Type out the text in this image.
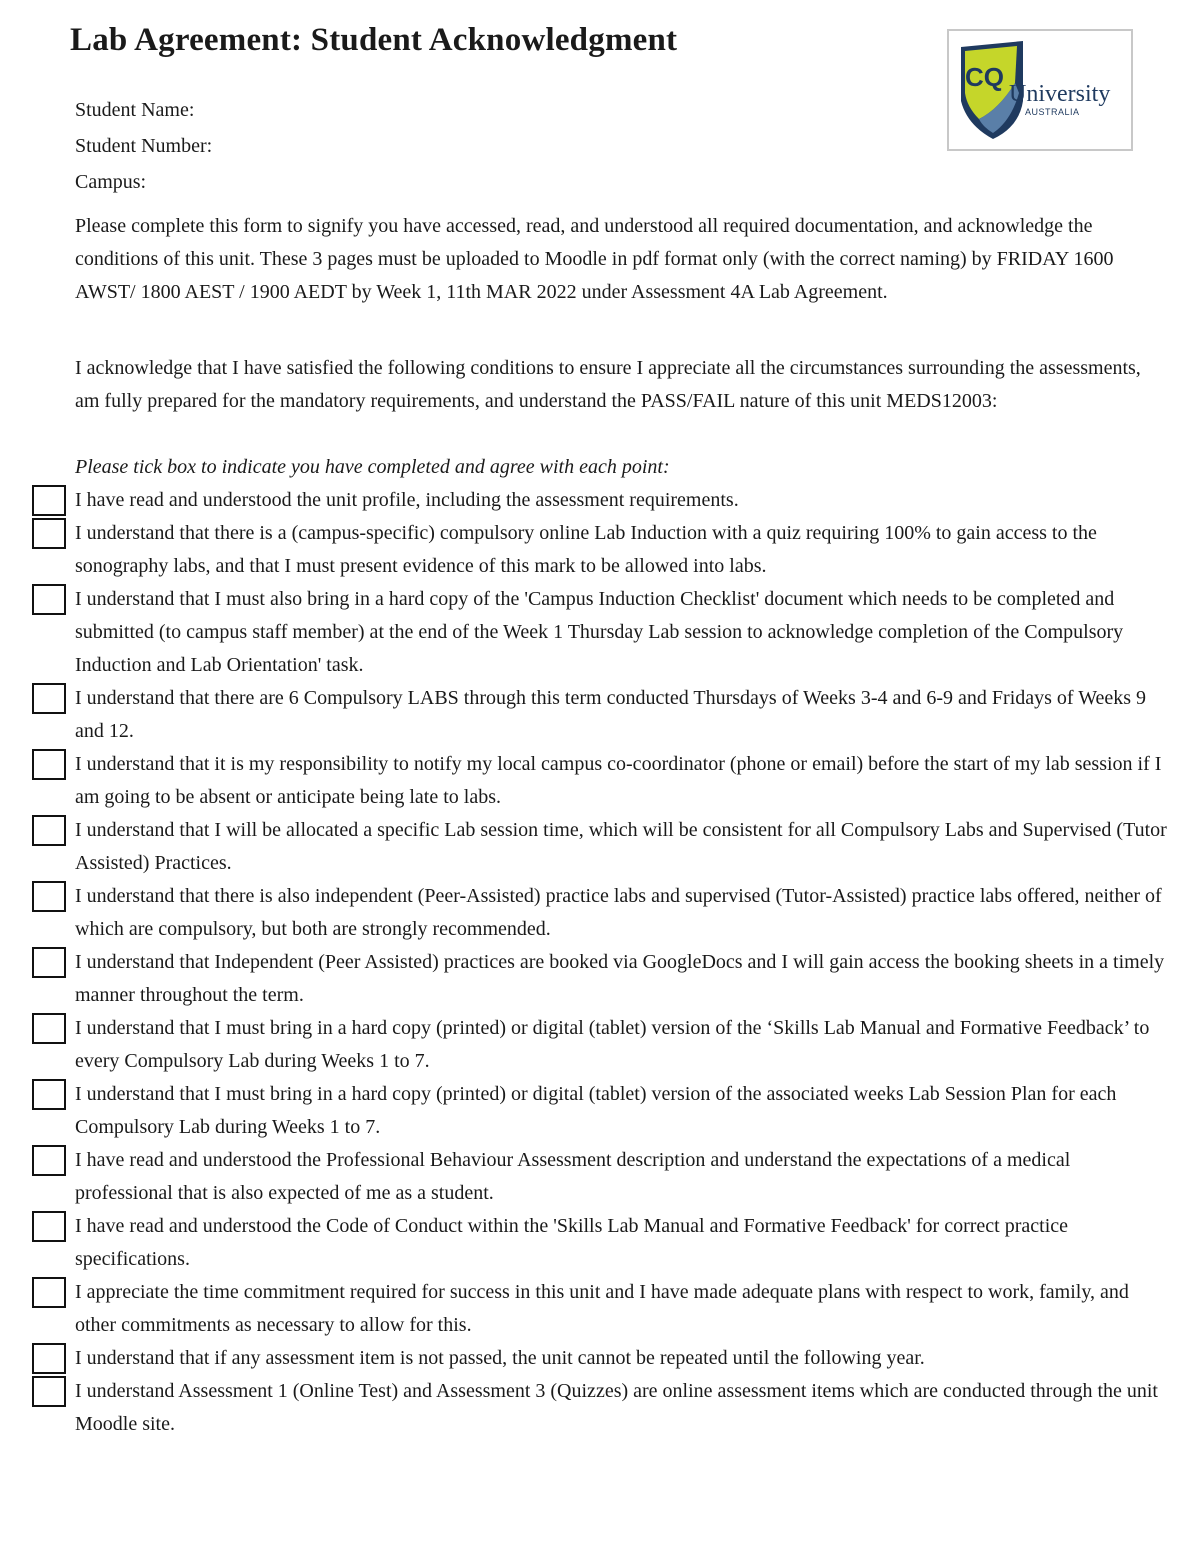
Lab Agreement: Student Acknowledgment
Student Name:
Student Number:
Campus:
CQ
University
AUSTRALIA
Please complete this form to signify you have accessed, read, and understood all required documentation, and acknowledge the conditions of this unit. These 3 pages must be uploaded to Moodle in pdf format only (with the correct naming) by FRIDAY 1600 AWST/ 1800 AEST / 1900 AEDT by Week 1, 11th MAR 2022 under Assessment 4A Lab Agreement.
I acknowledge that I have satisfied the following conditions to ensure I appreciate all the circumstances surrounding the assessments, am fully prepared for the mandatory requirements, and understand the PASS/FAIL nature of this unit MEDS12003:
Please tick box to indicate you have completed and agree with each point:
I have read and understood the unit profile, including the assessment requirements.
I understand that there is a (campus-specific) compulsory online Lab Induction with a quiz requiring 100% to gain access to the sonography labs, and that I must present evidence of this mark to be allowed into labs.
I understand that I must also bring in a hard copy of the 'Campus Induction Checklist' document which needs to be completed and submitted (to campus staff member) at the end of the Week 1 Thursday Lab session to acknowledge completion of the Compulsory Induction and Lab Orientation' task.
I understand that there are 6 Compulsory LABS through this term conducted Thursdays of Weeks 3-4 and 6-9 and Fridays of Weeks 9 and 12.
I understand that it is my responsibility to notify my local campus co-coordinator (phone or email) before the start of my lab session if I am going to be absent or anticipate being late to labs.
I understand that I will be allocated a specific Lab session time, which will be consistent for all Compulsory Labs and Supervised (Tutor Assisted) Practices.
I understand that there is also independent (Peer-Assisted) practice labs and supervised (Tutor-Assisted) practice labs offered, neither of which are compulsory, but both are strongly recommended.
I understand that Independent (Peer Assisted) practices are booked via GoogleDocs and I will gain access the booking sheets in a timely manner throughout the term.
I understand that I must bring in a hard copy (printed) or digital (tablet) version of the ‘Skills Lab Manual and Formative Feedback’ to every Compulsory Lab during Weeks 1 to 7.
I understand that I must bring in a hard copy (printed) or digital (tablet) version of the associated weeks Lab Session Plan for each Compulsory Lab during Weeks 1 to 7.
I have read and understood the Professional Behaviour Assessment description and understand the expectations of a medical professional that is also expected of me as a student.
I have read and understood the Code of Conduct within the 'Skills Lab Manual and Formative Feedback' for correct practice specifications.
I appreciate the time commitment required for success in this unit and I have made adequate plans with respect to work, family, and other commitments as necessary to allow for this.
I understand that if any assessment item is not passed, the unit cannot be repeated until the following year.
I understand Assessment 1 (Online Test) and Assessment 3 (Quizzes) are online assessment items which are conducted through the unit Moodle site.
